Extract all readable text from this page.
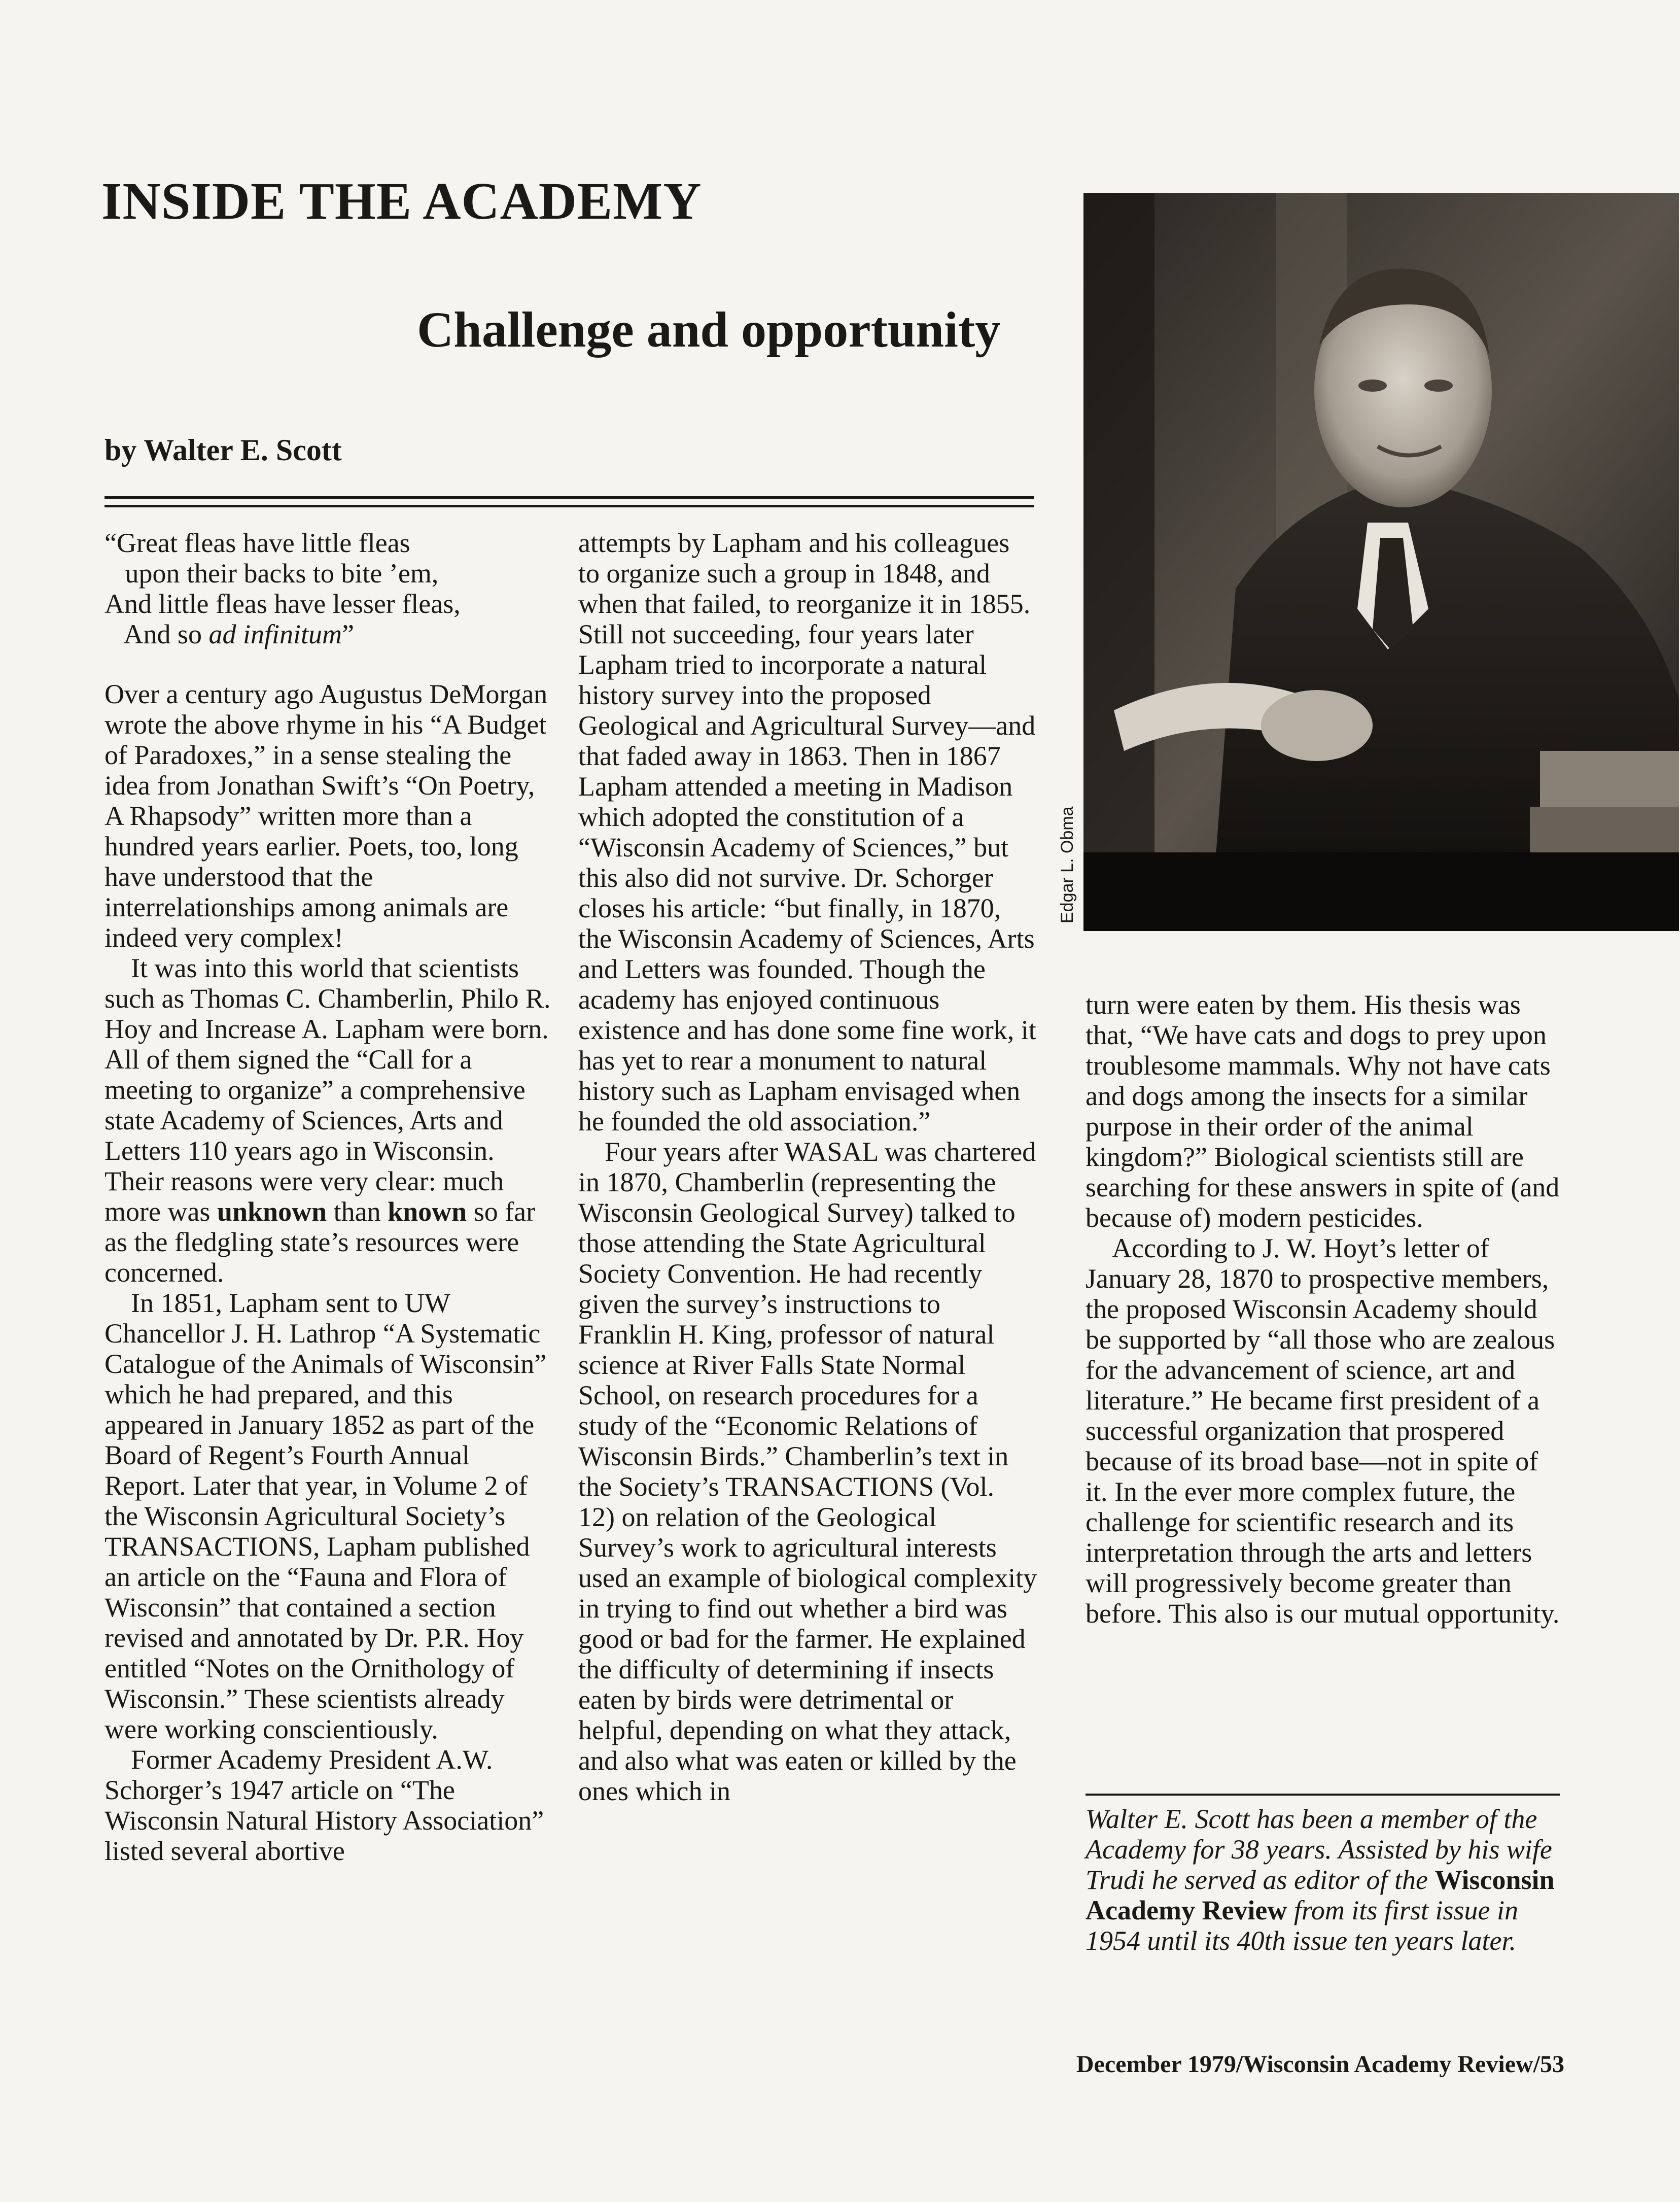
INSIDE THE ACADEMY
Challenge and opportunity
by Walter E. Scott
Edgar L. Obma
“Great fleas have little fleas
upon their backs to bite ’em,
And little fleas have lesser fleas,
And so ad infinitum”

Over a century ago Augustus DeMorgan wrote the above rhyme in his “A Budget of Paradoxes,” in a sense stealing the idea from Jonathan Swift’s “On Poetry, A Rhapsody” written more than a hundred years earlier. Poets, too, long have understood that the interrelationships among animals are indeed very complex!

It was into this world that scientists such as Thomas C. Chamberlin, Philo R. Hoy and Increase A. Lapham were born. All of them signed the “Call for a meeting to organize” a comprehensive state Academy of Sciences, Arts and Letters 110 years ago in Wisconsin. Their reasons were very clear: much more was unknown than known so far as the fledgling state’s resources were concerned.

In 1851, Lapham sent to UW Chancellor J. H. Lathrop “A Systematic Catalogue of the Animals of Wisconsin” which he had prepared, and this appeared in January 1852 as part of the Board of Regent’s Fourth Annual Report. Later that year, in Volume 2 of the Wisconsin Agricultural Society’s TRANSACTIONS, Lapham published an article on the “Fauna and Flora of Wisconsin” that contained a section revised and annotated by Dr. P.R. Hoy entitled “Notes on the Ornithology of Wisconsin.” These scientists already were working conscientiously.

Former Academy President A.W. Schorger’s 1947 article on “The Wisconsin Natural History Association” listed several abortive

attempts by Lapham and his colleagues to organize such a group in 1848, and when that failed, to reorganize it in 1855. Still not succeeding, four years later Lapham tried to incorporate a natural history survey into the proposed Geological and Agricultural Survey—and that faded away in 1863. Then in 1867 Lapham attended a meeting in Madison which adopted the constitution of a “Wisconsin Academy of Sciences,” but this also did not survive. Dr. Schorger closes his article: “but finally, in 1870, the Wisconsin Academy of Sciences, Arts and Letters was founded. Though the academy has enjoyed continuous existence and has done some fine work, it has yet to rear a monument to natural history such as Lapham envisaged when he founded the old association.”

Four years after WASAL was chartered in 1870, Chamberlin (representing the Wisconsin Geological Survey) talked to those attending the State Agricultural Society Convention. He had recently given the survey’s instructions to Franklin H. King, professor of natural science at River Falls State Normal School, on research procedures for a study of the “Economic Relations of Wisconsin Birds.” Chamberlin’s text in the Society’s TRANSACTIONS (Vol. 12) on relation of the Geological Survey’s work to agricultural interests used an example of biological complexity in trying to find out whether a bird was good or bad for the farmer. He explained the difficulty of determining if insects eaten by birds were detrimental or helpful, depending on what they attack, and also what was eaten or killed by the ones which in

turn were eaten by them. His thesis was that, “We have cats and dogs to prey upon troublesome mammals. Why not have cats and dogs among the insects for a similar purpose in their order of the animal kingdom?” Biological scientists still are searching for these answers in spite of (and because of) modern pesticides.

According to J. W. Hoyt’s letter of January 28, 1870 to prospective members, the proposed Wisconsin Academy should be supported by “all those who are zealous for the advancement of science, art and literature.” He became first president of a successful organization that prospered because of its broad base—not in spite of it. In the ever more complex future, the challenge for scientific research and its interpretation through the arts and letters will progressively become greater than before. This also is our mutual opportunity.

Walter E. Scott has been a member of the Academy for 38 years. Assisted by his wife Trudi he served as editor of the Wisconsin Academy Review from its first issue in 1954 until its 40th issue ten years later.

December 1979/Wisconsin Academy Review/53
